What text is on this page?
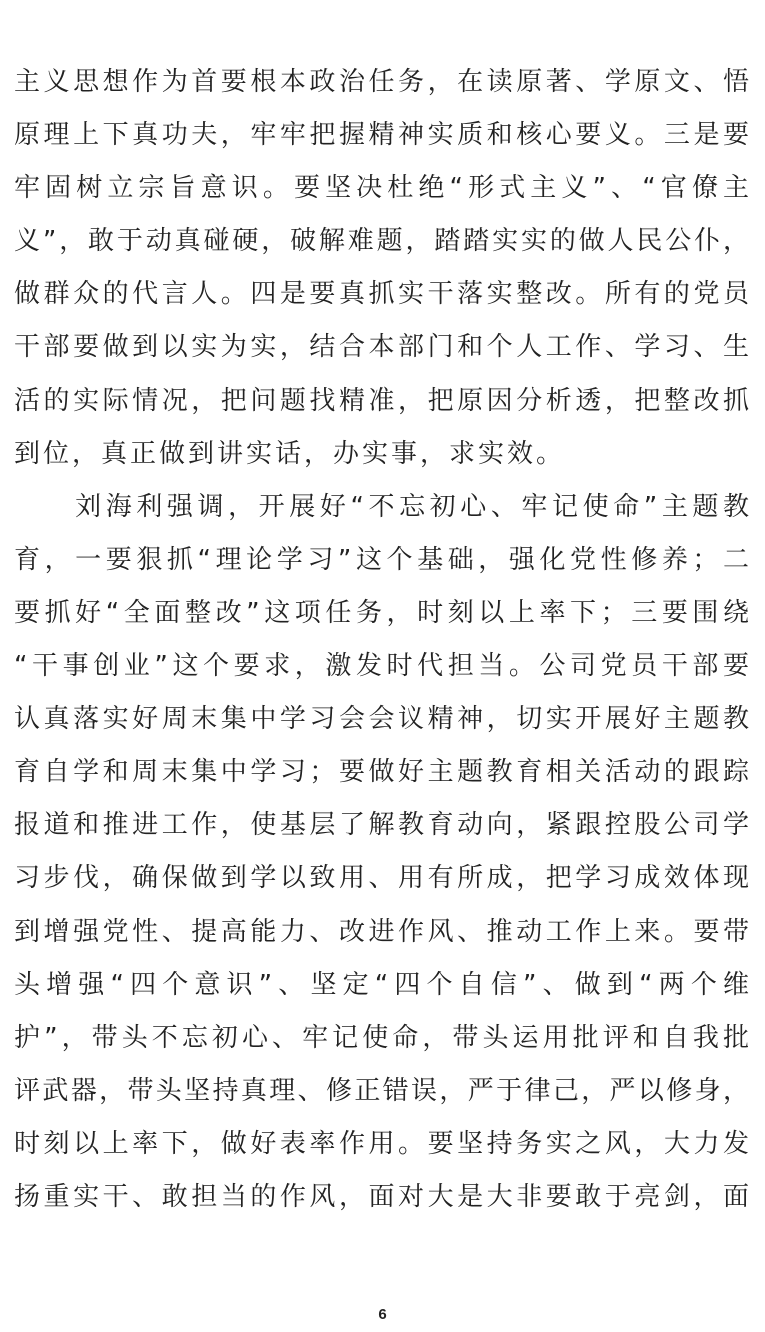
主义思想作为首要根本政治任务，在读原著、学原文、悟
原理上下真功夫，牢牢把握精神实质和核心要义。三是要
牢固树立宗旨意识。要坚决杜绝“形式主义”、“官僚主
义”，敢于动真碰硬，破解难题，踏踏实实的做人民公仆，
做群众的代言人。四是要真抓实干落实整改。所有的党员
干部要做到以实为实，结合本部门和个人工作、学习、生
活的实际情况，把问题找精准，把原因分析透，把整改抓
到位，真正做到讲实话，办实事，求实效。
　　刘海利强调，开展好“不忘初心、牢记使命”主题教
育，一要狠抓“理论学习”这个基础，强化党性修养；二
要抓好“全面整改”这项任务，时刻以上率下；三要围绕
“干事创业”这个要求，激发时代担当。公司党员干部要
认真落实好周末集中学习会会议精神，切实开展好主题教
育自学和周末集中学习；要做好主题教育相关活动的跟踪
报道和推进工作，使基层了解教育动向，紧跟控股公司学
习步伐，确保做到学以致用、用有所成，把学习成效体现
到增强党性、提高能力、改进作风、推动工作上来。要带
头增强“四个意识”、坚定“四个自信”、做到“两个维
护”，带头不忘初心、牢记使命，带头运用批评和自我批
评武器，带头坚持真理、修正错误，严于律己，严以修身，
时刻以上率下，做好表率作用。要坚持务实之风，大力发
扬重实干、敢担当的作风，面对大是大非要敢于亮剑，面
6
